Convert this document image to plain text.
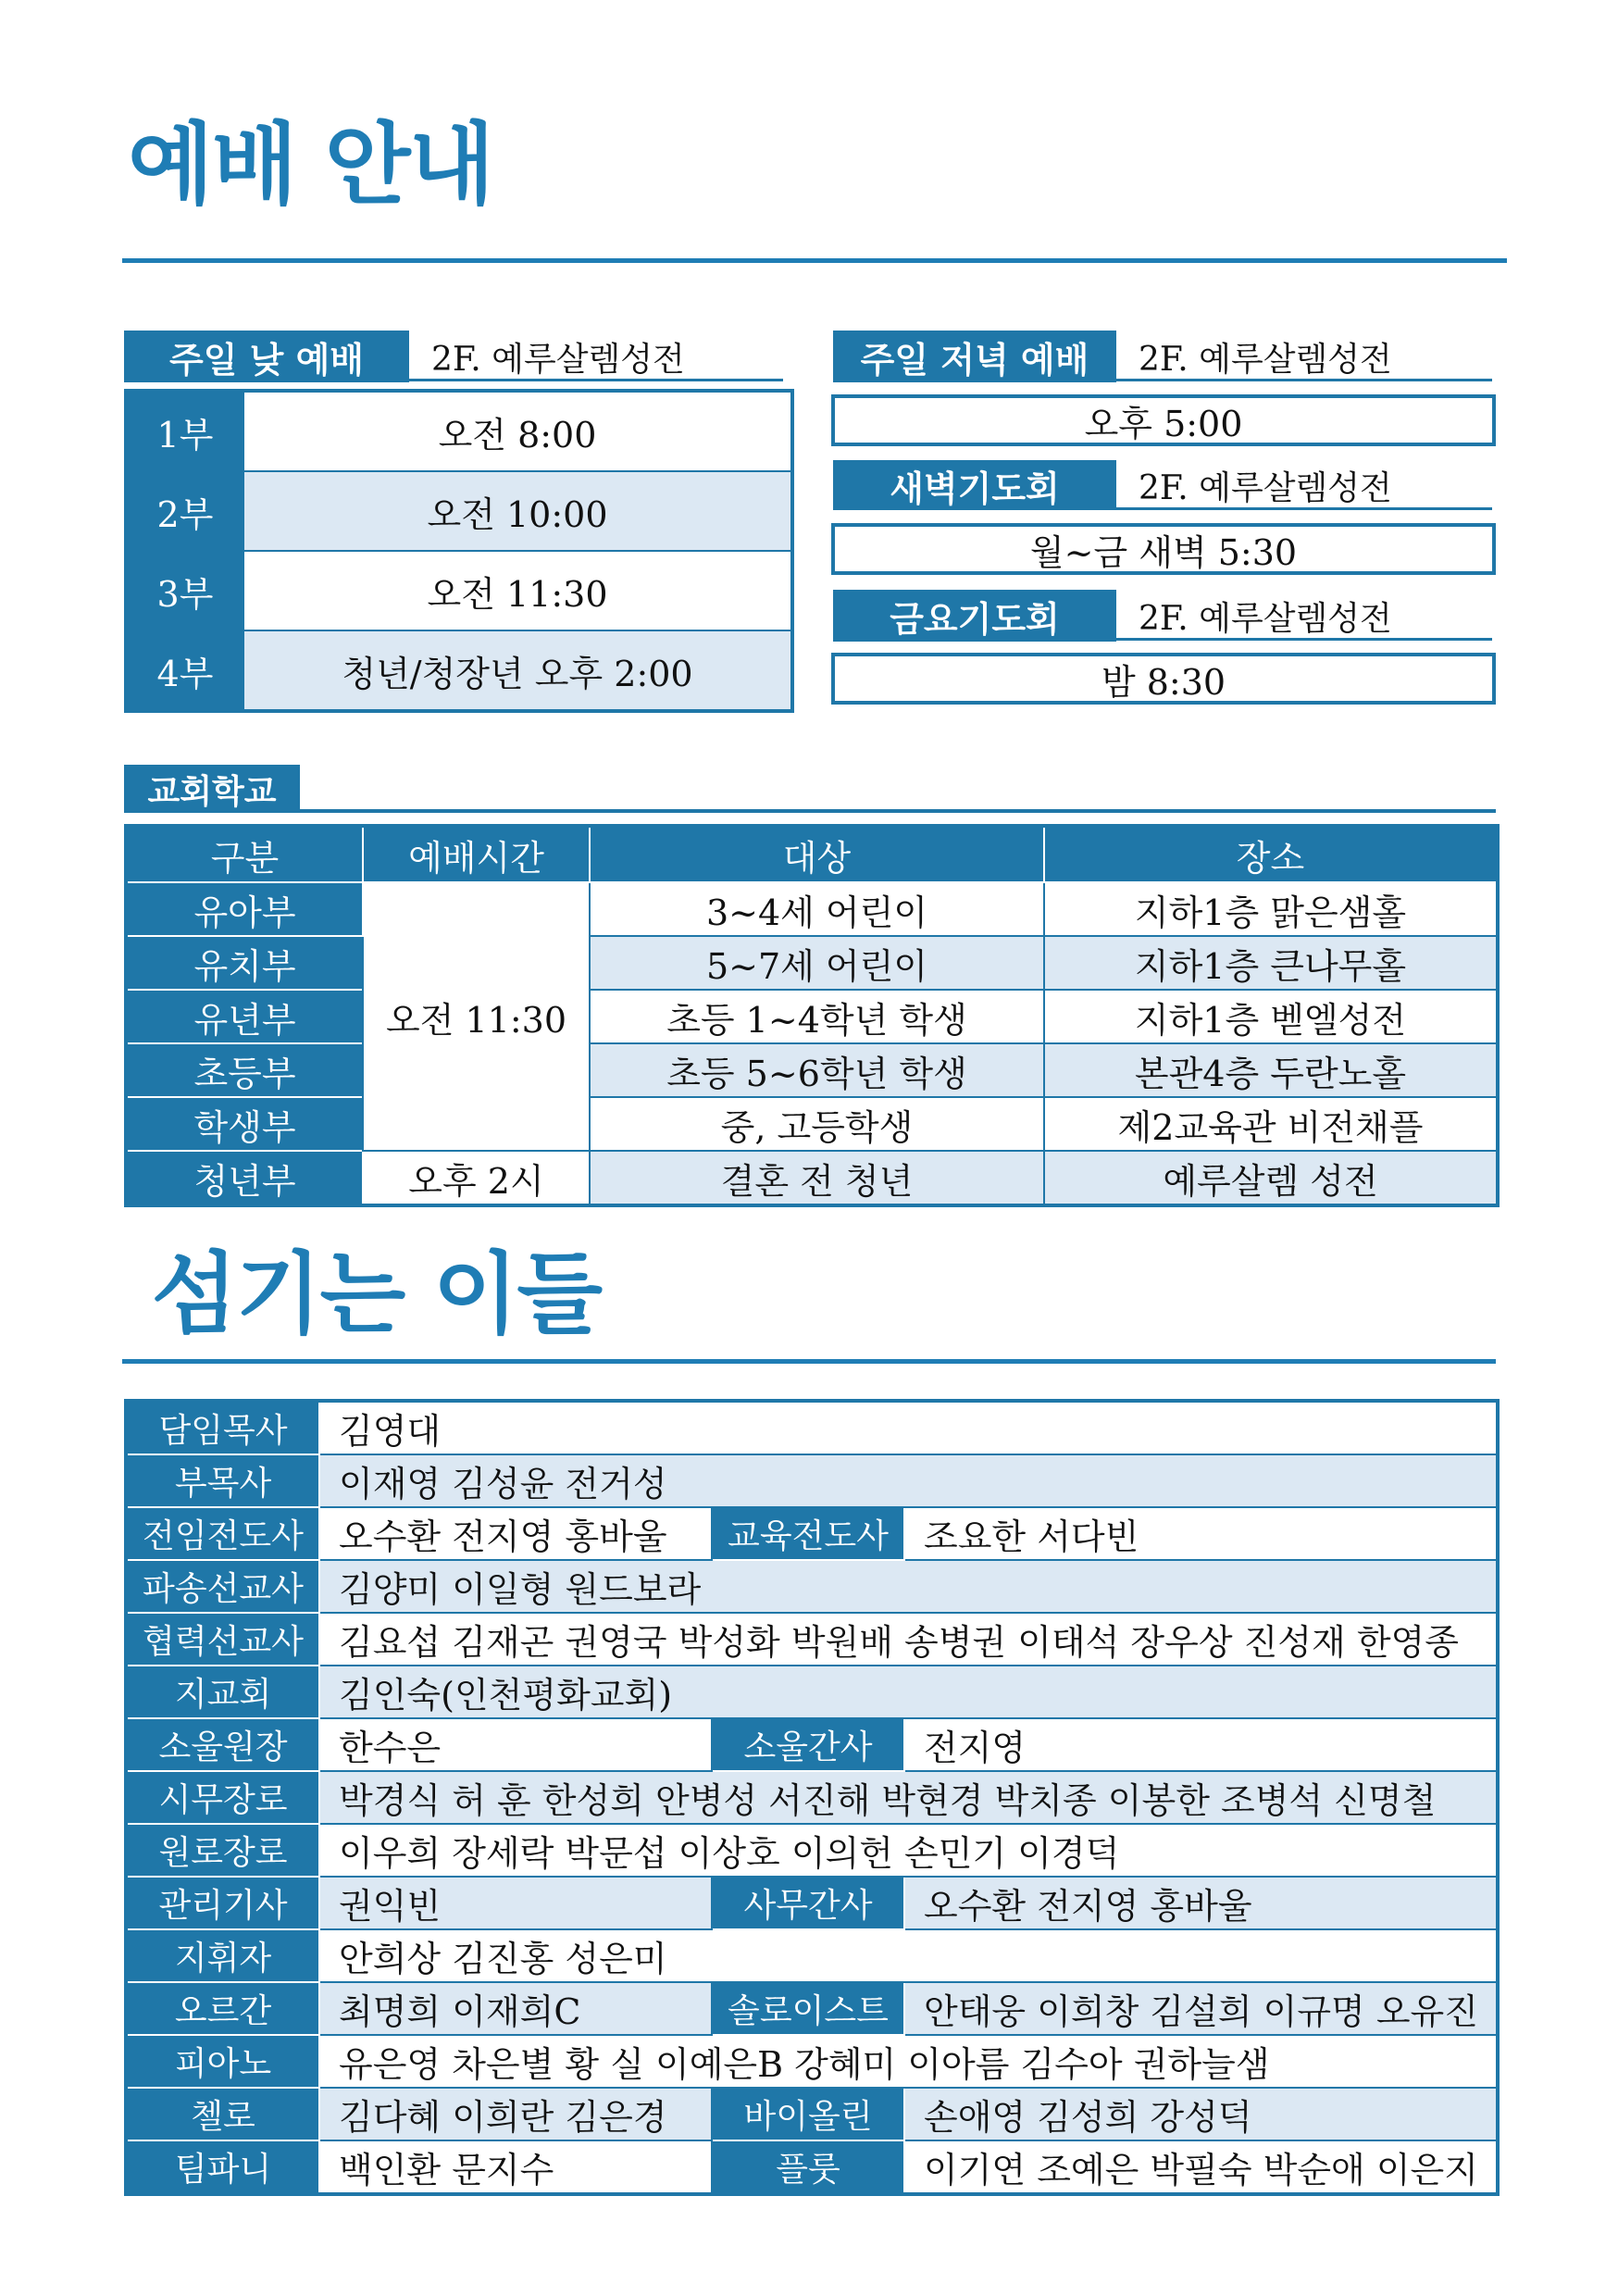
예배 안내
주일 낮 예배	2F. 예루살렘성전
1부	오전 8:00
2부	오전 10:00
3부	오전 11:30
4부	청년/청장년 오후 2:00
주일 저녁 예배	2F. 예루살렘성전
오후 5:00
새벽기도회	2F. 예루살렘성전
월~금 새벽 5:30
금요기도회	2F. 예루살렘성전
밤 8:30
교회학교
구분	예배시간	대상	장소
유아부	오전 11:30	3~4세 어린이	지하1층 맑은샘홀
유치부		5~7세 어린이	지하1층 큰나무홀
유년부		초등 1~4학년 학생	지하1층 벧엘성전
초등부		초등 5~6학년 학생	본관4층 두란노홀
학생부		중, 고등학생	제2교육관 비전채플
청년부	오후 2시	결혼 전 청년	예루살렘 성전
섬기는 이들
담임목사	김영대		
부목사	이재영 김성윤 전거성		
전임전도사	오수환 전지영 홍바울	교육전도사	조요한 서다빈
파송선교사	김양미 이일형 원드보라		
협력선교사	김요섭 김재곤 권영국 박성화 박원배 송병권 이태석 장우상 진성재 한영종		
지교회	김인숙(인천평화교회)		
소울원장	한수은	소울간사	전지영
시무장로	박경식 허 훈 한성희 안병성 서진해 박현경 박치종 이봉한 조병석 신명철		
원로장로	이우희 장세락 박문섭 이상호 이의헌 손민기 이경덕		
관리기사	권익빈	사무간사	오수환 전지영 홍바울
지휘자	안희상 김진홍 성은미		
오르간	최명희 이재희C	솔로이스트	안태웅 이희창 김설희 이규명 오유진
피아노	유은영 차은별 황 실 이예은B 강혜미 이아름 김수아 권하늘샘		
첼로	김다혜 이희란 김은경	바이올린	손애영 김성희 강성덕
팀파니	백인환 문지수	플룻	이기연 조예은 박필숙 박순애 이은지
